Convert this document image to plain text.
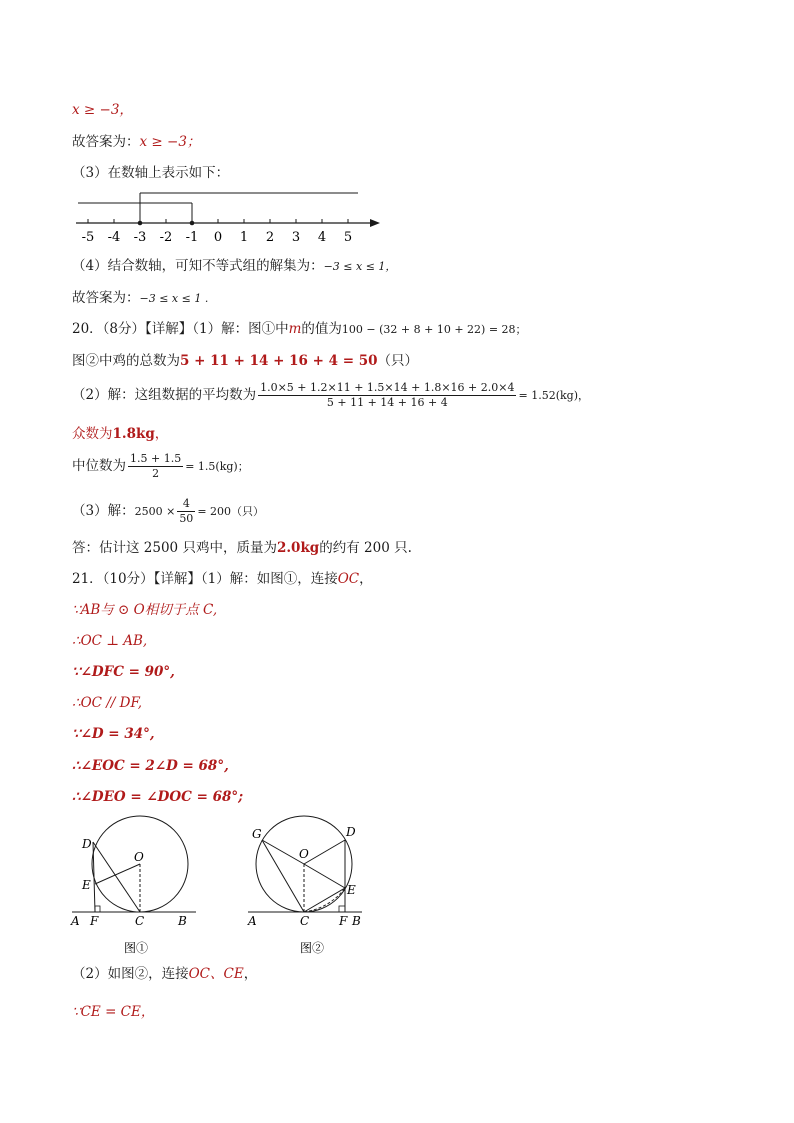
x ≥ −3，
故答案为：x ≥ −3；
（3）在数轴上表示如下：
-5 -4 -3 -2 -1 0 1 2 3 4 5
（4）结合数轴，可知不等式组的解集为：−3 ≤ x ≤ 1，
故答案为：−3 ≤ x ≤ 1 .
20．（8分）【详解】（1）解：图①中m的值为100 − (32 + 8 + 10 + 22) = 28；
图②中鸡的总数为5 + 11 + 14 + 16 + 4 = 50（只）
（2）解：这组数据的平均数为 $\frac{1.0\times 5 + 1.2\times 11 + 1.5\times 14 + 1.8\times 16 + 2.0\times 4}{5 + 11 + 14 + 16 + 4} = 1.52(kg)$，
众数为1.8kg，
中位数为 $\frac{1.5 + 1.5}{2} = 1.5(kg)$；
（3）解：$2500 \times \frac{4}{50} = 200$（只）
答：估计这 2500 只鸡中，质量为2.0kg的约有 200 只.
21．（10分）【详解】（1）解：如图①，连接OC，
∵AB与 ⊙ O相切于点 C,
∴OC ⊥ AB,
∵∠DFC = 90°,
∴OC // DF,
∵∠D = 34°,
∴∠EOC = 2∠D = 68°,
∴∠DEO = ∠DOC = 68°;
D
O
E
A F	C	B
图①
G	D
O
E
A	C F B
图②
（2）如图②，连接OC、CE，
∵CE = CE，
